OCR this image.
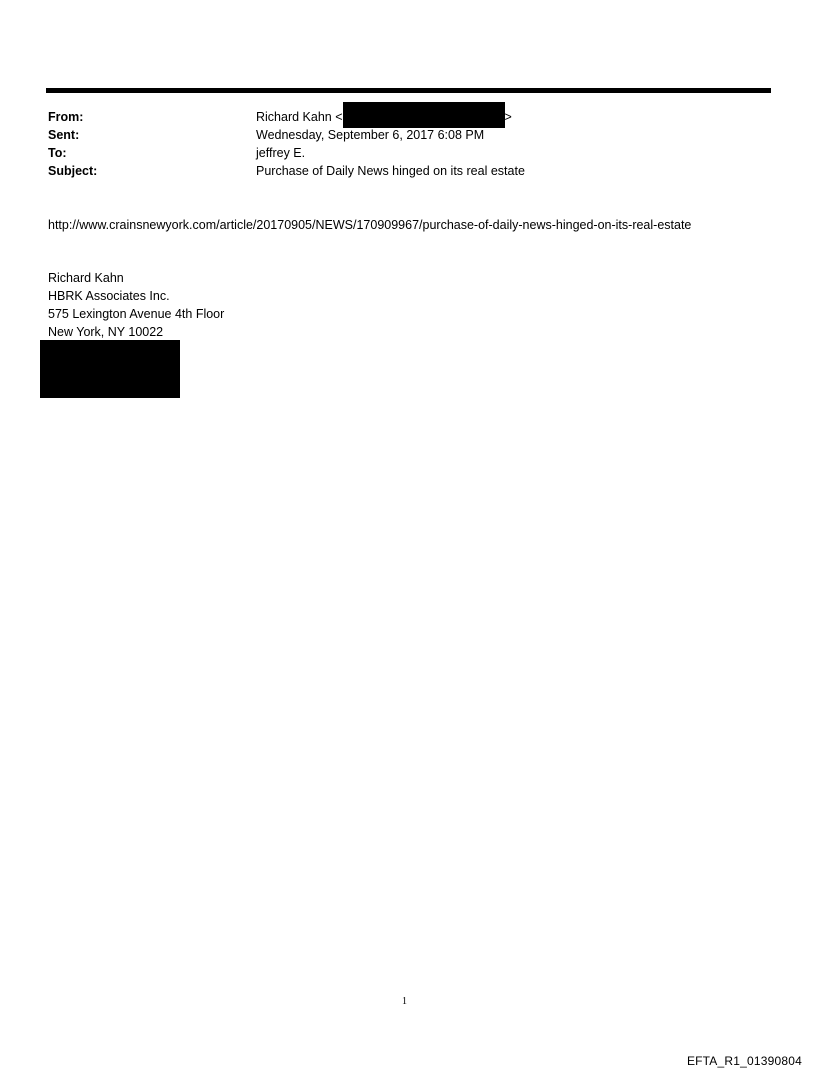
From:	Richard Kahn <	>
Sent:	Wednesday, September 6, 2017 6:08 PM
To:	jeffrey E.
Subject:	Purchase of Daily News hinged on its real estate
http://www.crainsnewyork.com/article/20170905/NEWS/170909967/purchase-of-daily-news-hinged-on-its-real-estate
Richard Kahn
HBRK Associates Inc.
575 Lexington Avenue 4th Floor
New York, NY 10022
1
EFTA_R1_01390804
